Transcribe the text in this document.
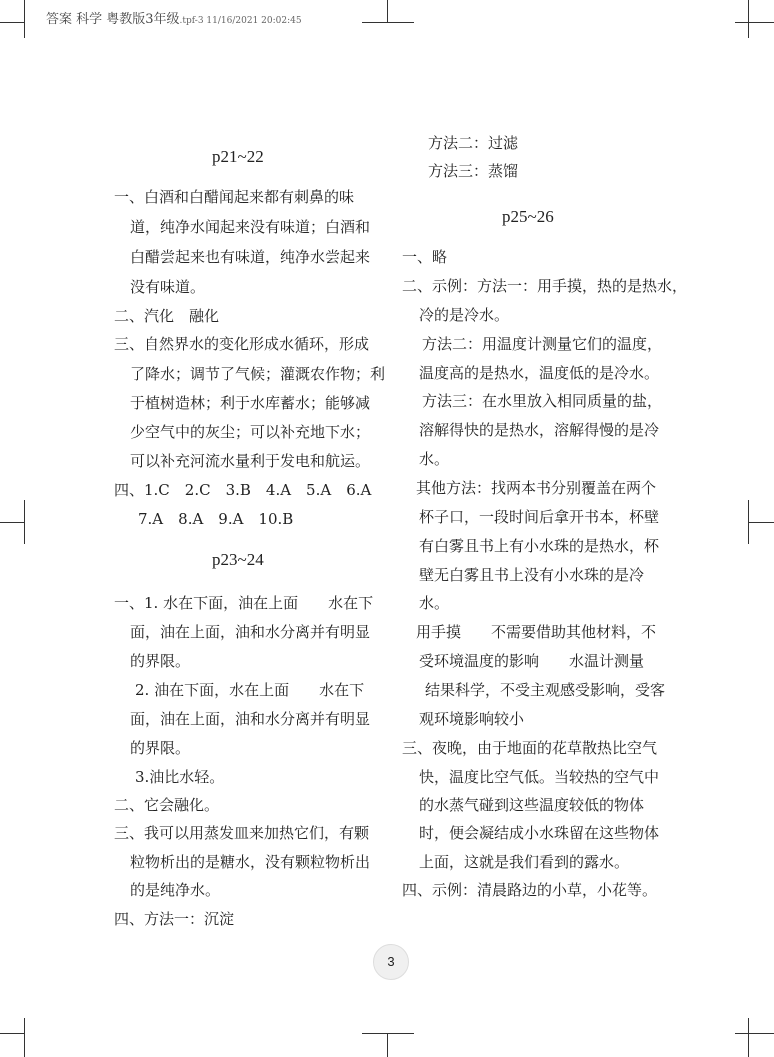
答案 科学 粤教版3年级.tpf-3 11/16/2021 20:02:45
p21~22
一、白酒和白醋闻起来都有刺鼻的味
道，纯净水闻起来没有味道；白酒和
白醋尝起来也有味道，纯净水尝起来
没有味道。
二、汽化　融化
三、自然界水的变化形成水循环，形成
了降水；调节了气候；灌溉农作物；利
于植树造林；利于水库蓄水；能够减
少空气中的灰尘；可以补充地下水；
可以补充河流水量利于发电和航运。
四、1.C　2.C　3.B　4.A　5.A　6.A
7.A　8.A　9.A　10.B
p23~24
一、1. 水在下面，油在上面　　水在下
面，油在上面，油和水分离并有明显
的界限。
2. 油在下面，水在上面　　水在下
面，油在上面，油和水分离并有明显
的界限。
3.油比水轻。
二、它会融化。
三、我可以用蒸发皿来加热它们，有颗
粒物析出的是糖水，没有颗粒物析出
的是纯净水。
四、方法一：沉淀
方法二：过滤
方法三：蒸馏
p25~26
一、略
二、示例：方法一：用手摸，热的是热水，
冷的是冷水。
方法二：用温度计测量它们的温度，
温度高的是热水，温度低的是冷水。
方法三：在水里放入相同质量的盐，
溶解得快的是热水，溶解得慢的是冷
水。
其他方法：找两本书分别覆盖在两个
杯子口，一段时间后拿开书本，杯壁
有白雾且书上有小水珠的是热水，杯
壁无白雾且书上没有小水珠的是冷
水。
用手摸　　不需要借助其他材料，不
受环境温度的影响　　水温计测量
结果科学，不受主观感受影响，受客
观环境影响较小
三、夜晚，由于地面的花草散热比空气
快，温度比空气低。当较热的空气中
的水蒸气碰到这些温度较低的物体
时，便会凝结成小水珠留在这些物体
上面，这就是我们看到的露水。
四、示例：清晨路边的小草，小花等。
3
